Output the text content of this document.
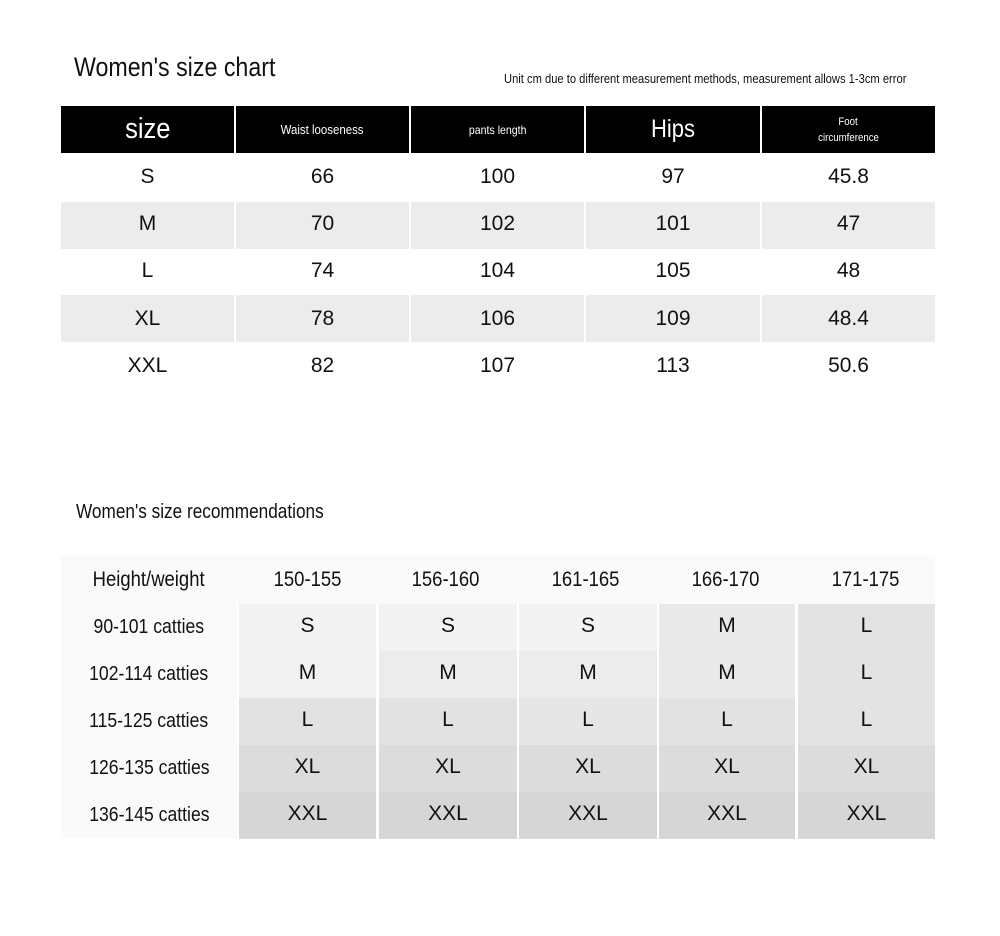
Women's size chart	Unit cm due to different measurement methods, measurement allows 1-3cm error
size	Waist looseness	pants length	Hips	Foot
circumference
S	66	100	97	45.8
M	70	102	101	47
L	74	104	105	48
XL	78	106	109	48.4
XXL	82	107	113	50.6
Women's size recommendations
Height/weight	150-155	156-160	161-165	166-170	171-175
90-101 catties	S	S	S	M	L
102-114 catties	M	M	M	M	L
115-125 catties	L	L	L	L	L
126-135 catties	XL	XL	XL	XL	XL
136-145 catties	XXL	XXL	XXL	XXL	XXL
